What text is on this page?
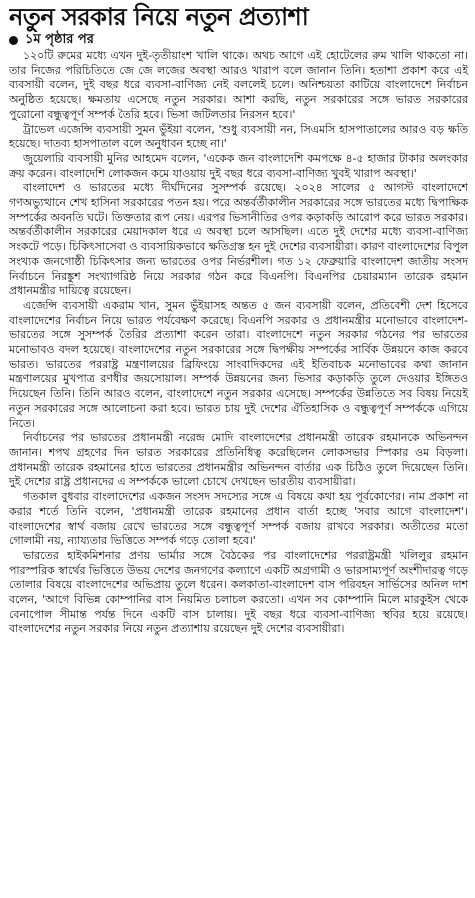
নতুন সরকার নিয়ে নতুন প্রত্যাশা
১ম পৃষ্ঠার পর

১২০টি রুমের মধ্যে এখন দুই-তৃতীয়াংশ খালি থাকে। অথচ আগে এই হোটেলের রুম খালি থাকতো না। তার নিজের পরিচিতিতে জে জে লজের অবস্থা আরও খারাপ বলে জানান তিনি। হতাশা প্রকাশ করে এই ব্যবসায়ী বলেন, দুই বছর ধরে ব্যবসা-বাণিজ্য নেই বললেই চলে। অনিশ্চয়তা কাটিয়ে বাংলাদেশে নির্বাচন অনুষ্ঠিত হয়েছে। ক্ষমতায় এসেছে নতুন সরকার। আশা করছি, নতুন সরকারের সঙ্গে ভারত সরকারের পুরোনো বন্ধুত্বপূর্ণ সম্পর্ক তৈরি হবে। ভিসা জটিলতার নিরসন হবে।'

ট্রাভেল এজেন্সি ব্যবসায়ী সুমন ভুঁইয়া বলেন, 'শুধু ব্যবসায়ী নন, সিএমসি হাসপাতালের আরও বড় ক্ষতি হয়েছে। দাতব্য হাসপাতাল বলে অনুধাবন হচ্ছে না।'

জুয়েলারি ব্যবসায়ী মুনির আহমেদ বলেন, 'একেক জন বাংলাদেশি কমপক্ষে ৪-৫ হাজার টাকার অলংকার ক্রয় করেন। বাংলাদেশি লোকজন কমে যাওয়ায় দুই বছর ধরে ব্যবসা-বাণিজ্য খুবই খারাপ অবস্থা।'

বাংলাদেশ ও ভারতের মধ্যে দীর্ঘদিনের সুসম্পর্ক রয়েছে। ২০২৪ সালের ৫ আগস্ট বাংলাদেশে গণঅভ্যুত্থানে শেখ হাসিনা সরকারের পতন হয়। পরে অন্তর্বর্তীকালীন সরকারের সঙ্গে ভারতের মধ্যে দ্বিপাক্ষিক সম্পর্কের অবনতি ঘটে। তিক্ততার রূপ নেয়। এরপর ভিসানীতির ওপর কড়াকড়ি আরোপ করে ভারত সরকার। অন্তর্বর্তীকালীন সরকারের মেয়াদকাল ধরে এ অবস্থা চলে আসছিল। এতে দুই দেশের মধ্যে ব্যবসা-বাণিজ্য সংকটে পড়ে। চিকিৎসাসেবা ও ব্যবসায়িকভাবে ক্ষতিগ্রস্ত হন দুই দেশের ব্যবসায়ীরা। কারণ বাংলাদেশের বিপুল সংখ্যক জনগোষ্ঠী চিকিৎসার জন্য ভারতের ওপর নির্ভরশীল। গত ১২ ফেব্রুয়ারি বাংলাদেশ জাতীয় সংসদ নির্বাচনে নিরঙ্কুশ সংখ্যাগরিষ্ঠ নিয়ে সরকার গঠন করে বিএনপি। বিএনপির চেয়ারম্যান তারেক রহমান প্রধানমন্ত্রীর দায়িত্বে রয়েছেন।

এজেন্সি ব্যবসায়ী একরাম খান, সুমন ভুঁইয়াসহ অন্তত ৫ জন ব্যবসায়ী বলেন, প্রতিবেশী দেশ হিসেবে বাংলাদেশের নির্বাচন নিয়ে ভারত পর্যবেক্ষণ করেছে। বিএনপি সরকার ও প্রধানমন্ত্রীর মনোভাবে বাংলাদেশ-ভারতের সঙ্গে সুসম্পর্ক তৈরির প্রত্যাশা করেন তারা। বাংলাদেশে নতুন সরকার গঠনের পর ভারতের মনোভাবও বদল হয়েছে। বাংলাদেশের নতুন সরকারের সঙ্গে দ্বিপক্ষীয় সম্পর্কের সার্বিক উন্নয়নে কাজ করবে ভারত। ভারতের পররাষ্ট্র মন্ত্রণালয়ের ব্রিফিংয়ে সাংবাদিকদের এই ইতিবাচক মনোভাবের কথা জানান মন্ত্রণালয়ের মুখপাত্র রণধীর জয়সোয়াল। সম্পর্ক উন্নয়নের জন্য ভিসার কড়াকড়ি তুলে দেওয়ার ইঙ্গিতও দিয়েছেন তিনি। তিনি আরও বলেন, বাংলাদেশে নতুন সরকার এসেছে। সম্পর্কের উন্নতিতে সব বিষয় নিয়েই নতুন সরকারের সঙ্গে আলোচনা করা হবে। ভারত চায় দুই দেশের ঐতিহাসিক ও বন্ধুত্বপূর্ণ সম্পর্ককে এগিয়ে নিতে।

নির্বাচনের পর ভারতের প্রধানমন্ত্রী নরেন্দ্র মোদি বাংলাদেশের প্রধানমন্ত্রী তারেক রহমানকে অভিনন্দন জানান। শপথ গ্রহণের দিন ভারত সরকারের প্রতিনিধিত্ব করেছিলেন লোকসভার স্পিকার ওম বিড়লা। প্রধানমন্ত্রী তারেক রহমানের হাতে ভারতের প্রধানমন্ত্রীর অভিনন্দন বার্তার এক চিঠিও তুলে দিয়েছেন তিনি। দুই দেশের রাষ্ট্র প্রধানদের এ সম্পর্ককে ভালো চোখে দেখছেন ভারতীয় ব্যবসায়ীরা।

গতকাল বুধবার বাংলাদেশের একজন সংসদ সদস্যের সঙ্গে এ বিষয়ে কথা হয় পূর্বকোণের। নাম প্রকাশ না করার শর্তে তিনি বলেন, 'প্রধানমন্ত্রী তারেক রহমানের প্রধান বার্তা হচ্ছে 'সবার আগে বাংলাদেশ'। বাংলাদেশের স্বার্থ বজায় রেখে ভারতের সঙ্গে বন্ধুত্বপূর্ণ সম্পর্ক বজায় রাখবে সরকার। অতীতের মতো গোলামী নয়, ন্যায্যতার ভিত্তিতে সম্পর্ক গড়ে তোলা হবে।'

ভারতের হাইকমিশনার প্রণয় ভার্মার সঙ্গে বৈঠকের পর বাংলাদেশের পররাষ্ট্রমন্ত্রী খলিলুর রহমান পারস্পরিক স্বার্থের ভিত্তিতে উভয় দেশের জনগণের কল্যাণে একটি অগ্রগামী ও ভারসাম্যপূর্ণ অংশীদারত্ব গড়ে তোলার বিষয়ে বাংলাদেশের অভিপ্রায় তুলে ধরেন। কলকাতা-বাংলাদেশ বাস পরিবহন সার্ভিসের অনিল দাশ বলেন, 'আগে বিভিন্ন কোম্পানির বাস নিয়মিত চলাচল করতো। এখন সব কোম্পানি মিলে মারকুইস থেকে বেনাপোল সীমান্ত পর্যন্ত দিনে একটি বাস চালায়। দুই বছর ধরে ব্যবসা-বাণিজ্য স্থবির হয়ে রয়েছে। বাংলাদেশের নতুন সরকার নিয়ে নতুন প্রত্যাশায় রয়েছেন দুই দেশের ব্যবসায়ীরা।
